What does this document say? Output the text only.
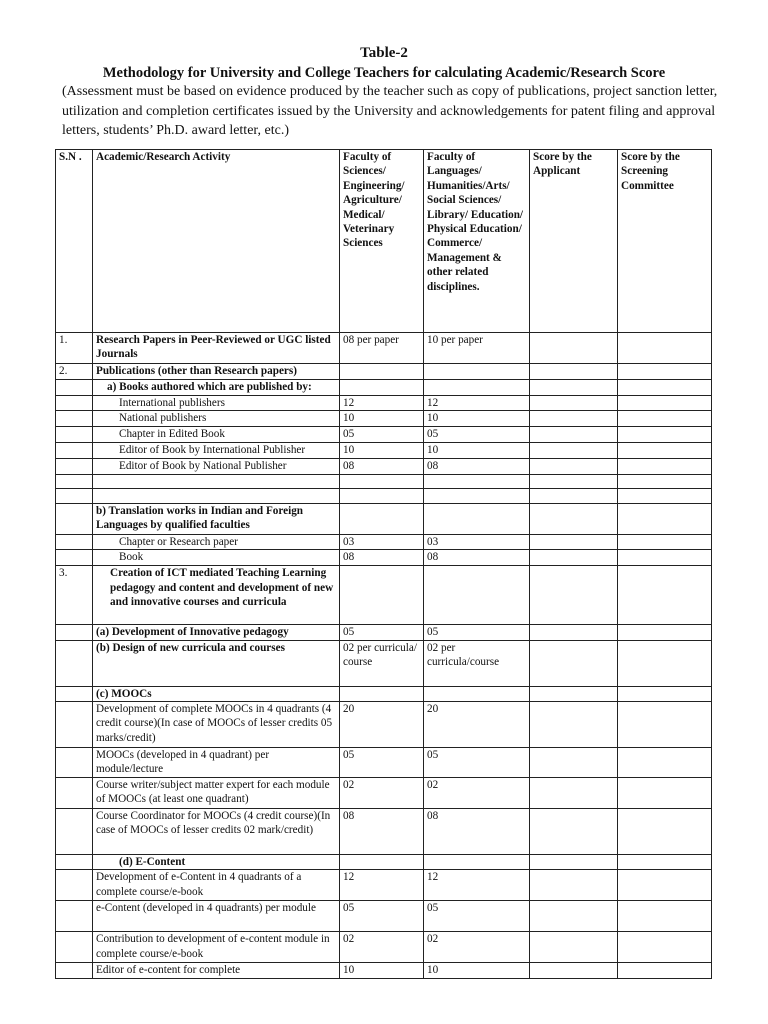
Table-2
Methodology for University and College Teachers for calculating Academic/Research Score
(Assessment must be based on evidence produced by the teacher such as copy of publications, project sanction letter, utilization and completion certificates issued by the University and acknowledgements for patent filing and approval letters, students’ Ph.D. award letter, etc.)
S.N .	Academic/Research Activity	Faculty of Sciences/ Engineering/ Agriculture/ Medical/ Veterinary Sciences	Faculty of Languages/ Humanities/Arts/ Social Sciences/ Library/ Education/ Physical Education/ Commerce/ Management & other related disciplines.	Score by the Applicant	Score by the Screening Committee
1.	Research Papers in Peer-Reviewed or UGC listed Journals	08 per paper	10 per paper		
2.	Publications (other than Research papers)				
	a) Books authored which are published by:				
	International publishers	12	12		
	National publishers	10	10		
	Chapter in Edited Book	05	05		
	Editor of Book by International Publisher	10	10		
	Editor of Book by National Publisher	08	08		

	b) Translation works in Indian and Foreign Languages by qualified faculties				
	Chapter or Research paper	03	03		
	Book	08	08		
3.	Creation of ICT mediated Teaching Learning pedagogy and content and development of new and innovative courses and curricula				
	(a) Development of Innovative pedagogy	05	05		
	(b) Design of new curricula and courses	02 per curricula/ course	02 per curricula/course		
	(c) MOOCs				
	Development of complete MOOCs in 4 quadrants (4 credit course)(In case of MOOCs of lesser credits 05 marks/credit)	20	20		
	MOOCs (developed in 4 quadrant) per module/lecture	05	05		
	Course writer/subject matter expert for each module of MOOCs (at least one quadrant)	02	02		
	Course Coordinator for MOOCs (4 credit course)(In case of MOOCs of lesser credits 02 mark/credit)	08	08		
	(d) E-Content				
	Development of e-Content in 4 quadrants of a complete course/e-book	12	12		
	e-Content (developed in 4 quadrants) per module	05	05		
	Contribution to development of e-content module in complete course/e-book	02	02		
	Editor of e-content for complete	10	10		
